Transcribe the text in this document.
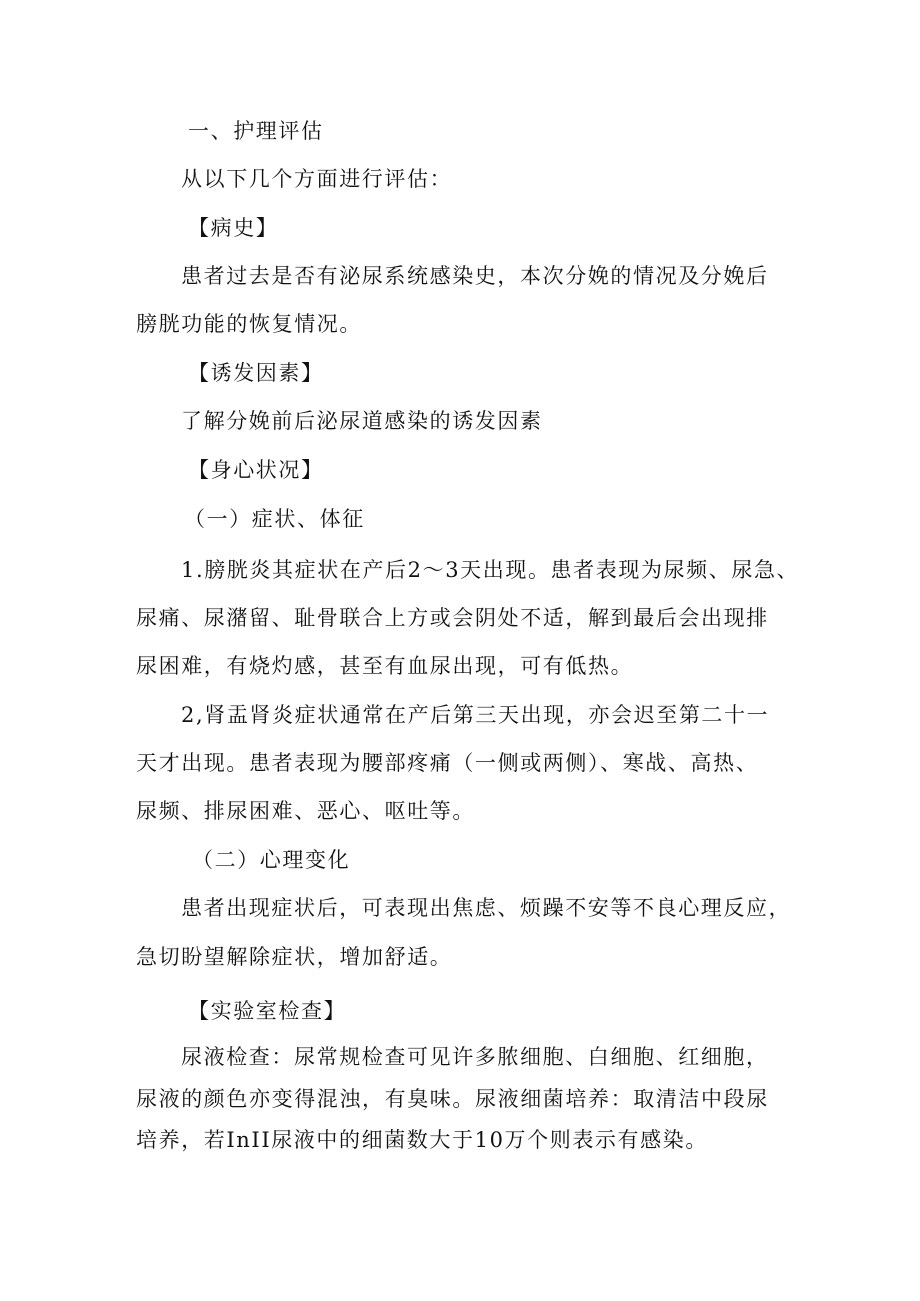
一、护理评估

从以下几个方面进行评估：

【病史】

患者过去是否有泌尿系统感染史，本次分娩的情况及分娩后

膀胱功能的恢复情况。

【诱发因素】

了解分娩前后泌尿道感染的诱发因素

【身心状况】

（一）症状、体征

1.膀胱炎其症状在产后2～3天出现。患者表现为尿频、尿急、

尿痛、尿潴留、耻骨联合上方或会阴处不适，解到最后会出现排

尿困难，有烧灼感，甚至有血尿出现，可有低热。

2,肾盂肾炎症状通常在产后第三天出现，亦会迟至第二十一

天才出现。患者表现为腰部疼痛（一侧或两侧）、寒战、高热、

尿频、排尿困难、恶心、呕吐等。

（二）心理变化

患者出现症状后，可表现出焦虑、烦躁不安等不良心理反应，

急切盼望解除症状，增加舒适。

【实验室检查】

尿液检查：尿常规检查可见许多脓细胞、白细胞、红细胞，

尿液的颜色亦变得混浊，有臭味。尿液细菌培养：取清洁中段尿

培养，若InII尿液中的细菌数大于10万个则表示有感染。
